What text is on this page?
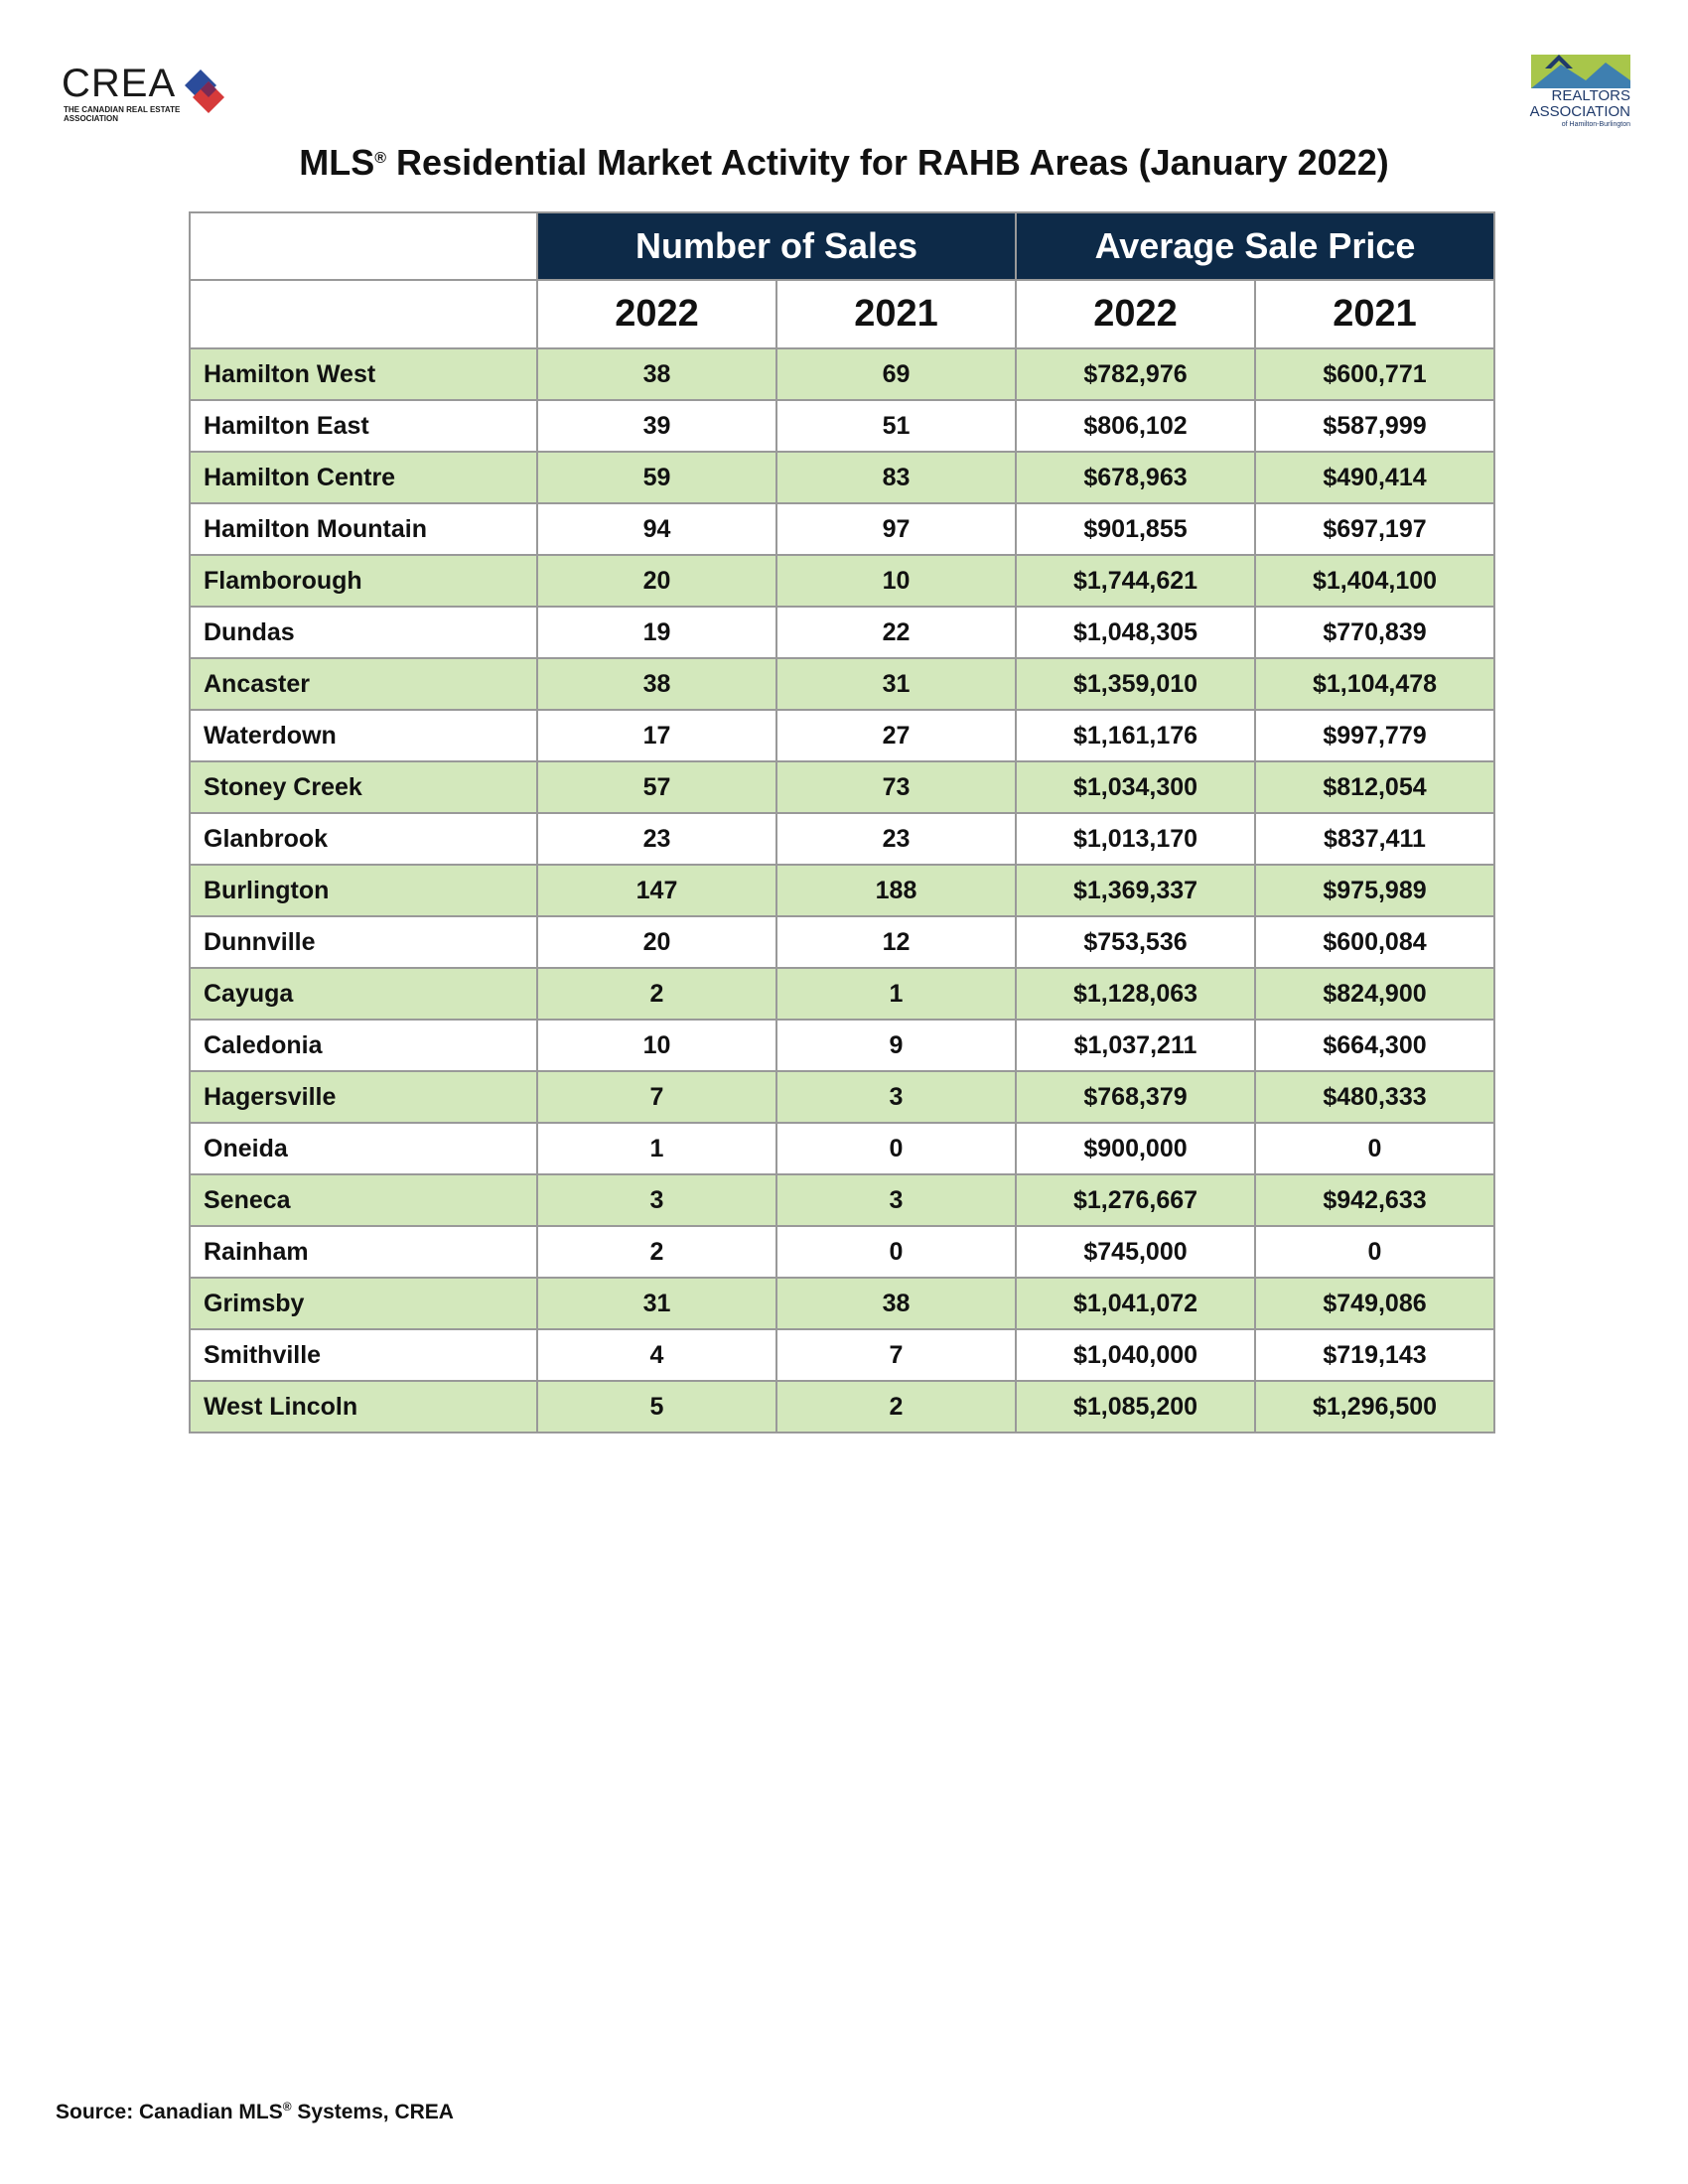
CREA
THE CANADIAN REAL ESTATE ASSOCIATION
REALTORS
ASSOCIATION
of Hamilton-Burlington
MLS® Residential Market Activity for RAHB Areas (January 2022)
	Number of Sales		Average Sale Price	
	2022	2021	2022	2021
Hamilton West	38	69	$782,976	$600,771
Hamilton East	39	51	$806,102	$587,999
Hamilton Centre	59	83	$678,963	$490,414
Hamilton Mountain	94	97	$901,855	$697,197
Flamborough	20	10	$1,744,621	$1,404,100
Dundas	19	22	$1,048,305	$770,839
Ancaster	38	31	$1,359,010	$1,104,478
Waterdown	17	27	$1,161,176	$997,779
Stoney Creek	57	73	$1,034,300	$812,054
Glanbrook	23	23	$1,013,170	$837,411
Burlington	147	188	$1,369,337	$975,989
Dunnville	20	12	$753,536	$600,084
Cayuga	2	1	$1,128,063	$824,900
Caledonia	10	9	$1,037,211	$664,300
Hagersville	7	3	$768,379	$480,333
Oneida	1	0	$900,000	0
Seneca	3	3	$1,276,667	$942,633
Rainham	2	0	$745,000	0
Grimsby	31	38	$1,041,072	$749,086
Smithville	4	7	$1,040,000	$719,143
West Lincoln	5	2	$1,085,200	$1,296,500
Source: Canadian MLS® Systems, CREA
